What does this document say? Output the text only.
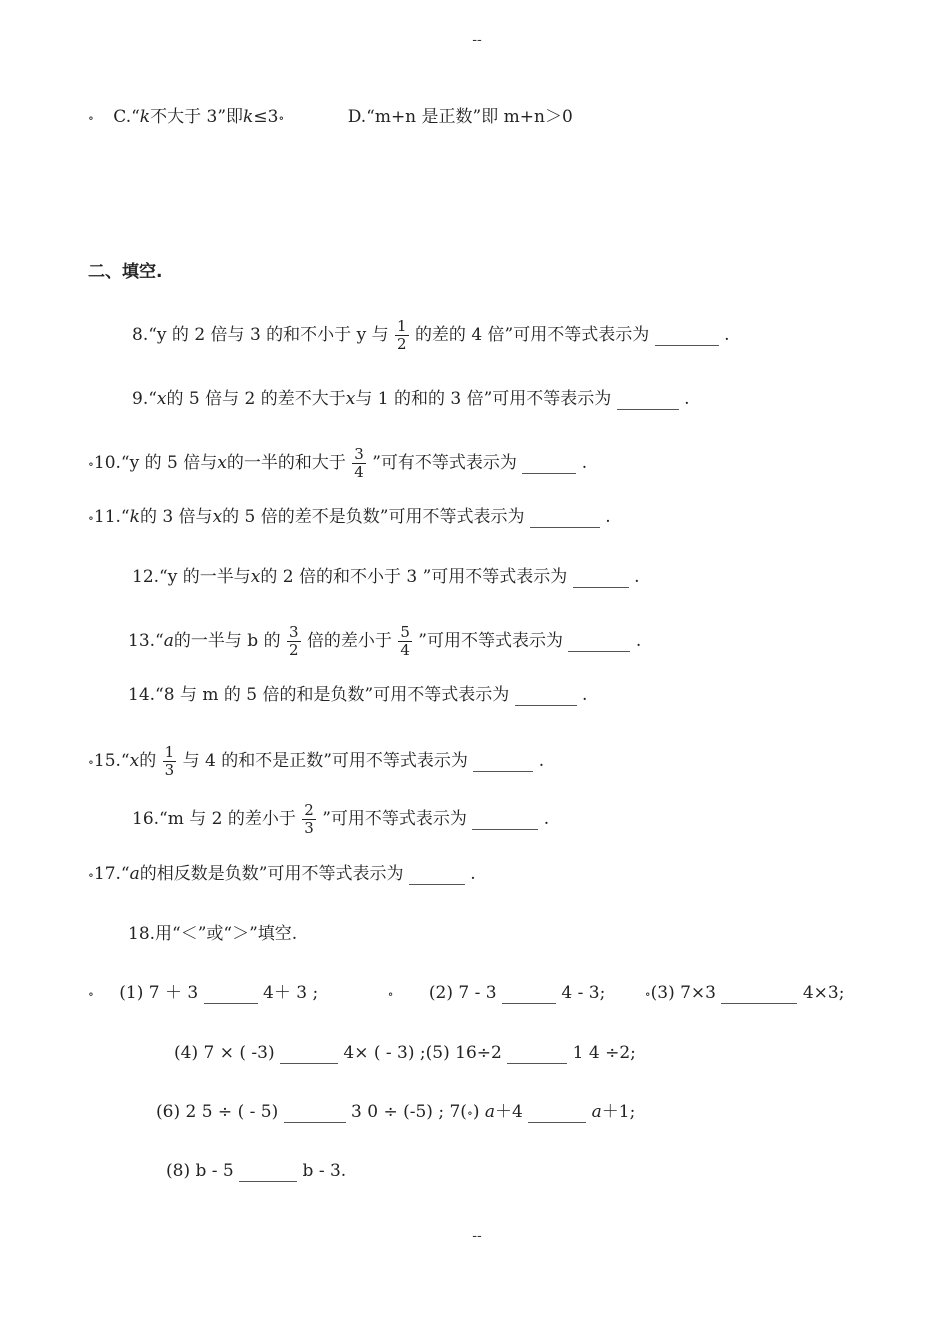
--
∘ C.“k不大于 3”即k≤3∘	D.“m+n 是正数”即 m+n＞0
二、填空.
8.“y 的 2 倍与 3 的和不小于 y 与 $\frac{1}{2}$ 的差的 4 倍”可用不等式表示为	.
9.“x的 5 倍与 2 的差不大于x与 1 的和的 3 倍”可用不等表示为	.
∘10.“y 的 5 倍与x的一半的和大于 $\frac{3}{4}$ ”可有不等式表示为	.
∘11.“k的 3 倍与x的 5 倍的差不是负数”可用不等式表示为	.
12.“y 的一半与x的 2 倍的和不小于 3 ”可用不等式表示为	.
13.“a的一半与 b 的 $\frac{3}{2}$ 倍的差小于 $\frac{5}{4}$ ”可用不等式表示为	.
14.“8 与 m 的 5 倍的和是负数”可用不等式表示为	.
∘15.“x的 $\frac{1}{3}$ 与 4 的和不是正数”可用不等式表示为	.
16.“m 与 2 的差小于 $\frac{2}{3}$ ”可用不等式表示为	.
∘17.“a的相反数是负数”可用不等式表示为	.
18.用“＜”或“＞”填空.
∘ (1) 7 ＋ 3	4＋ 3 ;	∘ (2) 7 - 3	4 - 3;	∘(3) 7×3	4×3;
(4) 7 × ( -3)	4× ( - 3) ;(5) 16÷2	1 4 ÷2;
(6) 2 5 ÷ ( - 5)	3 0 ÷ (-5) ; 7(∘) a＋4	a＋1;
(8) b - 5	b - 3.
--
